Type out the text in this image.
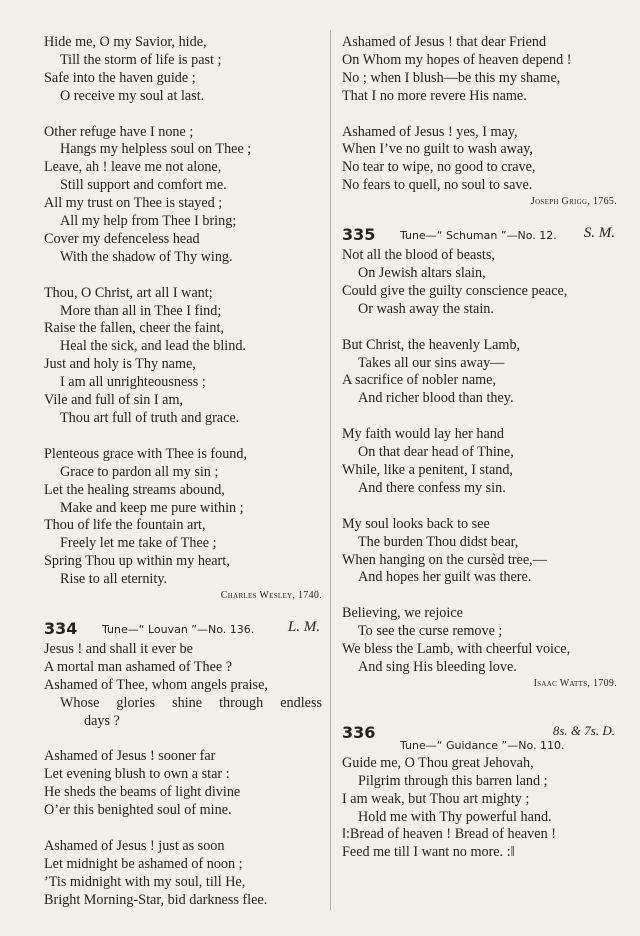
Hide me, O my Savior, hide,
Till the storm of life is past ;
Safe into the haven guide ;
O receive my soul at last.
Other refuge have I none ;
Hangs my helpless soul on Thee ;
Leave, ah ! leave me not alone,
Still support and comfort me.
All my trust on Thee is stayed ;
All my help from Thee I bring;
Cover my defenceless head
With the shadow of Thy wing.
Thou, O Christ, art all I want;
More than all in Thee I find;
Raise the fallen, cheer the faint,
Heal the sick, and lead the blind.
Just and holy is Thy name,
I am all unrighteousness ;
Vile and full of sin I am,
Thou art full of truth and grace.
Plenteous grace with Thee is found,
Grace to pardon all my sin ;
Let the healing streams abound,
Make and keep me pure within ;
Thou of life the fountain art,
Freely let me take of Thee ;
Spring Thou up within my heart,
Rise to all eternity.
Charles Wesley, 1740.
334 Tune—“ Louvan ”—No. 136. L. M.
Jesus ! and shall it ever be
A mortal man ashamed of Thee ?
Ashamed of Thee, whom angels praise,
Whose glories shine through endless
days ?
Ashamed of Jesus ! sooner far
Let evening blush to own a star :
He sheds the beams of light divine
O’er this benighted soul of mine.
Ashamed of Jesus ! just as soon
Let midnight be ashamed of noon ;
’Tis midnight with my soul, till He,
Bright Morning-Star, bid darkness flee.
Ashamed of Jesus ! that dear Friend
On Whom my hopes of heaven depend !
No ; when I blush—be this my shame,
That I no more revere His name.
Ashamed of Jesus ! yes, I may,
When I’ve no guilt to wash away,
No tear to wipe, no good to crave,
No fears to quell, no soul to save.
Joseph Grigg, 1765.
335 Tune—“ Schuman ”—No. 12. S. M.
Not all the blood of beasts,
On Jewish altars slain,
Could give the guilty conscience peace,
Or wash away the stain.
But Christ, the heavenly Lamb,
Takes all our sins away—
A sacrifice of nobler name,
And richer blood than they.
My faith would lay her hand
On that dear head of Thine,
While, like a penitent, I stand,
And there confess my sin.
My soul looks back to see
The burden Thou didst bear,
When hanging on the cursèd tree,—
And hopes her guilt was there.
Believing, we rejoice
To see the curse remove ;
We bless the Lamb, with cheerful voice,
And sing His bleeding love.
Isaac Watts, 1709.
336
Tune—“ Guidance ”—No. 110.
8s. & 7s. D.
Guide me, O Thou great Jehovah,
Pilgrim through this barren land ;
I am weak, but Thou art mighty ;
Hold me with Thy powerful hand.
‖:Bread of heaven ! Bread of heaven !
Feed me till I want no more. :‖
